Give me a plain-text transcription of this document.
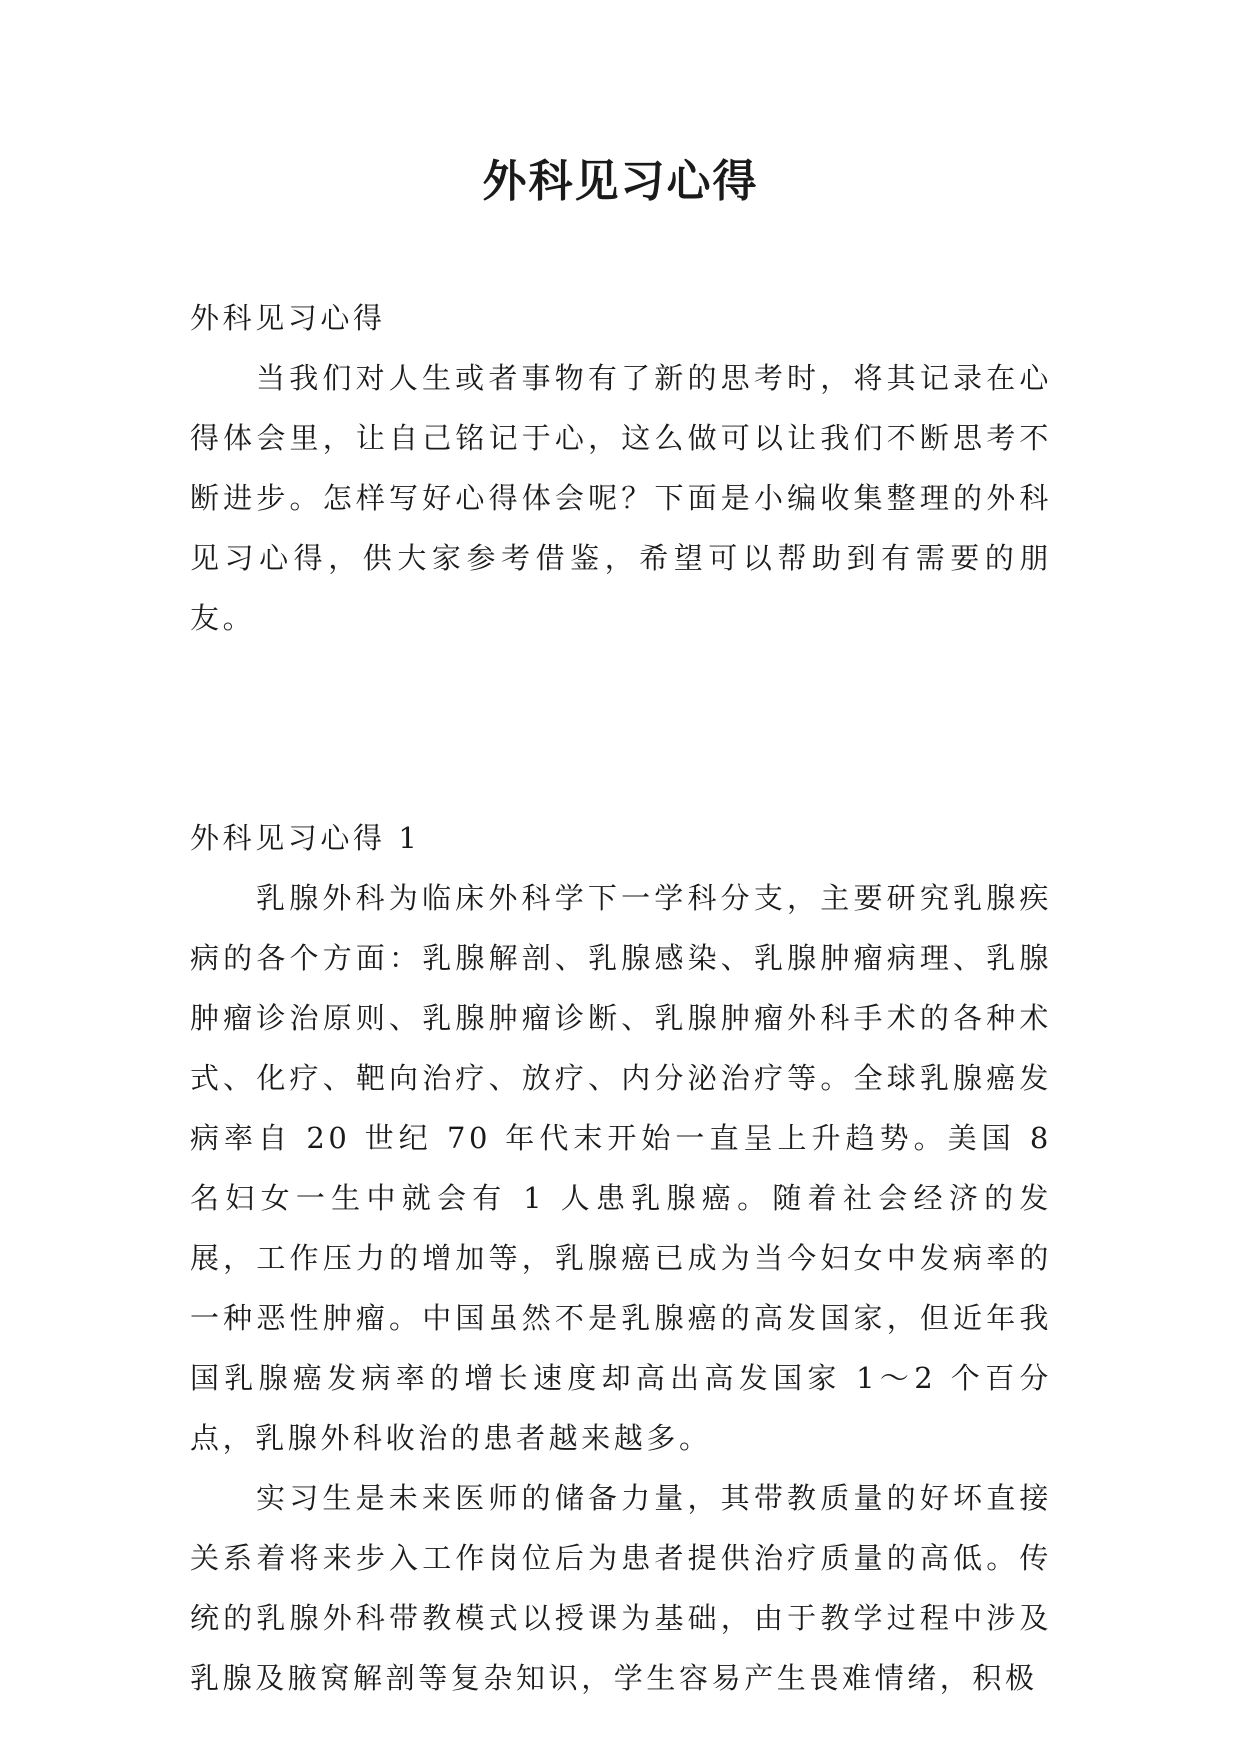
外科见习心得

外科见习心得

当我们对人生或者事物有了新的思考时，将其记录在心得体会里，让自己铭记于心，这么做可以让我们不断思考不断进步。怎样写好心得体会呢？下面是小编收集整理的外科见习心得，供大家参考借鉴，希望可以帮助到有需要的朋友。

外科见习心得 1

乳腺外科为临床外科学下一学科分支，主要研究乳腺疾病的各个方面：乳腺解剖、乳腺感染、乳腺肿瘤病理、乳腺肿瘤诊治原则、乳腺肿瘤诊断、乳腺肿瘤外科手术的各种术式、化疗、靶向治疗、放疗、内分泌治疗等。全球乳腺癌发病率自 20 世纪 70 年代末开始一直呈上升趋势。美国 8 名妇女一生中就会有 1 人患乳腺癌。随着社会经济的发展，工作压力的增加等，乳腺癌已成为当今妇女中发病率的一种恶性肿瘤。中国虽然不是乳腺癌的高发国家，但近年我国乳腺癌发病率的增长速度却高出高发国家 1～2 个百分点，乳腺外科收治的患者越来越多。

实习生是未来医师的储备力量，其带教质量的好坏直接关系着将来步入工作岗位后为患者提供治疗质量的高低。传统的乳腺外科带教模式以授课为基础，由于教学过程中涉及乳腺及腋窝解剖等复杂知识，学生容易产生畏难情绪，积极
